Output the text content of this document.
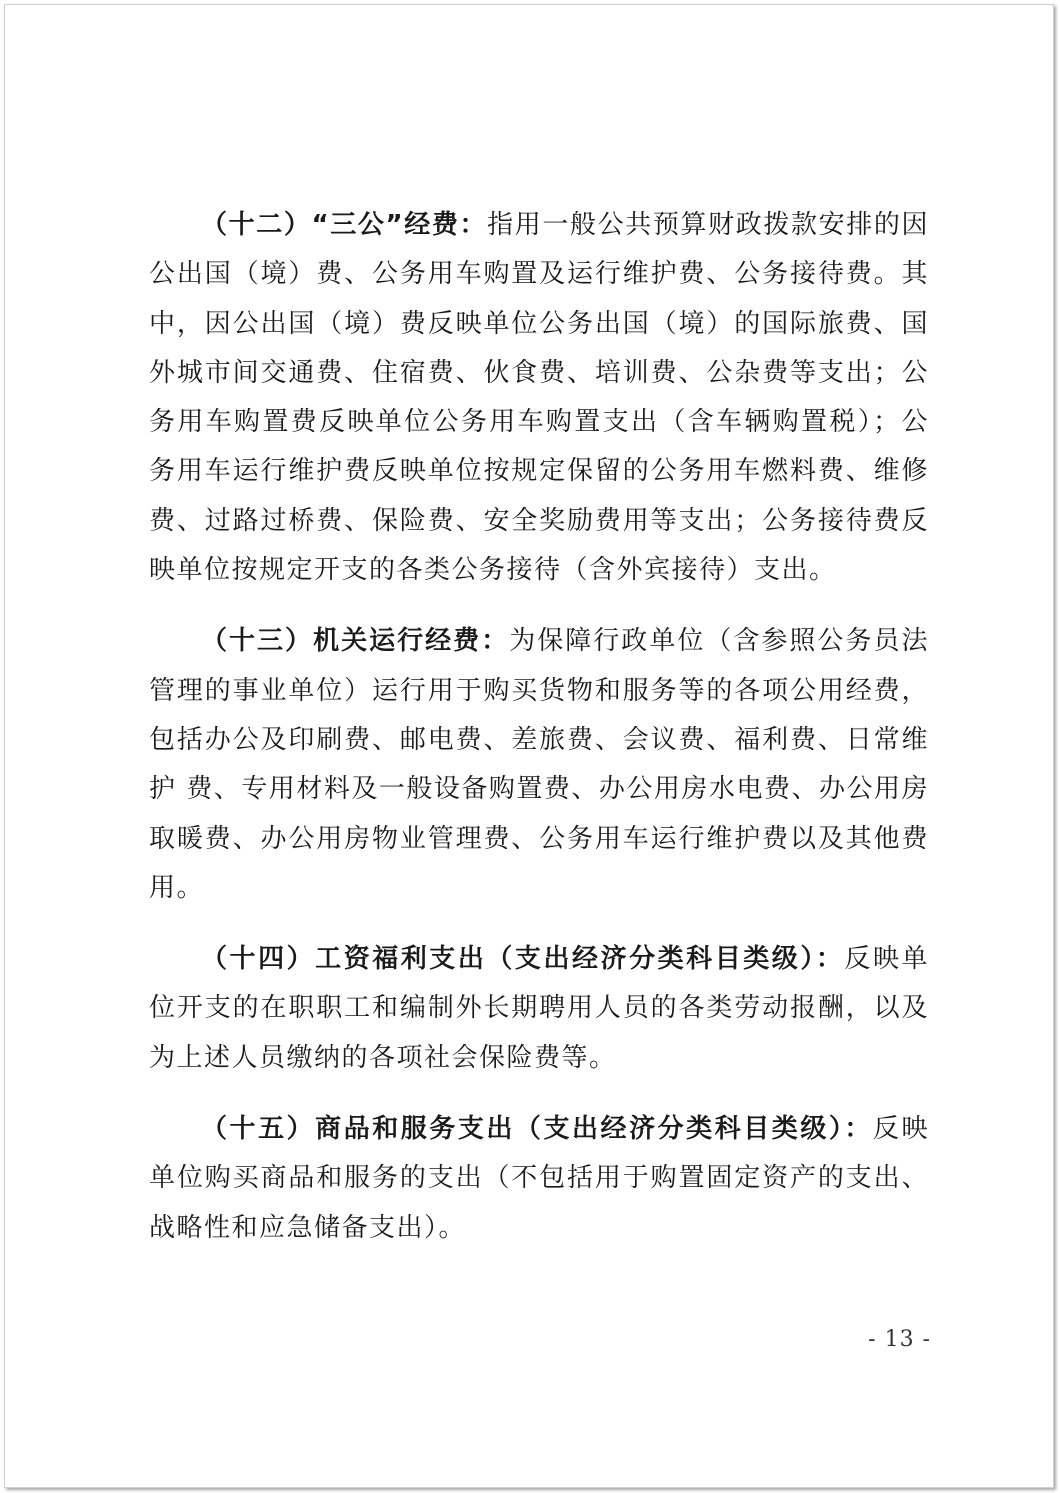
（十二）“三公”经费：指用一般公共预算财政拨款安排的因公出国（境）费、公务用车购置及运行维护费、公务接待费。其中，因公出国（境）费反映单位公务出国（境）的国际旅费、国外城市间交通费、住宿费、伙食费、培训费、公杂费等支出；公务用车购置费反映单位公务用车购置支出（含车辆购置税）；公务用车运行维护费反映单位按规定保留的公务用车燃料费、维修费、过路过桥费、保险费、安全奖励费用等支出；公务接待费反映单位按规定开支的各类公务接待（含外宾接待）支出。

（十三）机关运行经费：为保障行政单位（含参照公务员法管理的事业单位）运行用于购买货物和服务等的各项公用经费，包括办公及印刷费、邮电费、差旅费、会议费、福利费、日常维护 费、专用材料及一般设备购置费、办公用房水电费、办公用房取暖费、办公用房物业管理费、公务用车运行维护费以及其他费用。

（十四）工资福利支出（支出经济分类科目类级）：反映单位开支的在职职工和编制外长期聘用人员的各类劳动报酬，以及为上述人员缴纳的各项社会保险费等。

（十五）商品和服务支出（支出经济分类科目类级）：反映单位购买商品和服务的支出（不包括用于购置固定资产的支出、战略性和应急储备支出）。

- 13 -
